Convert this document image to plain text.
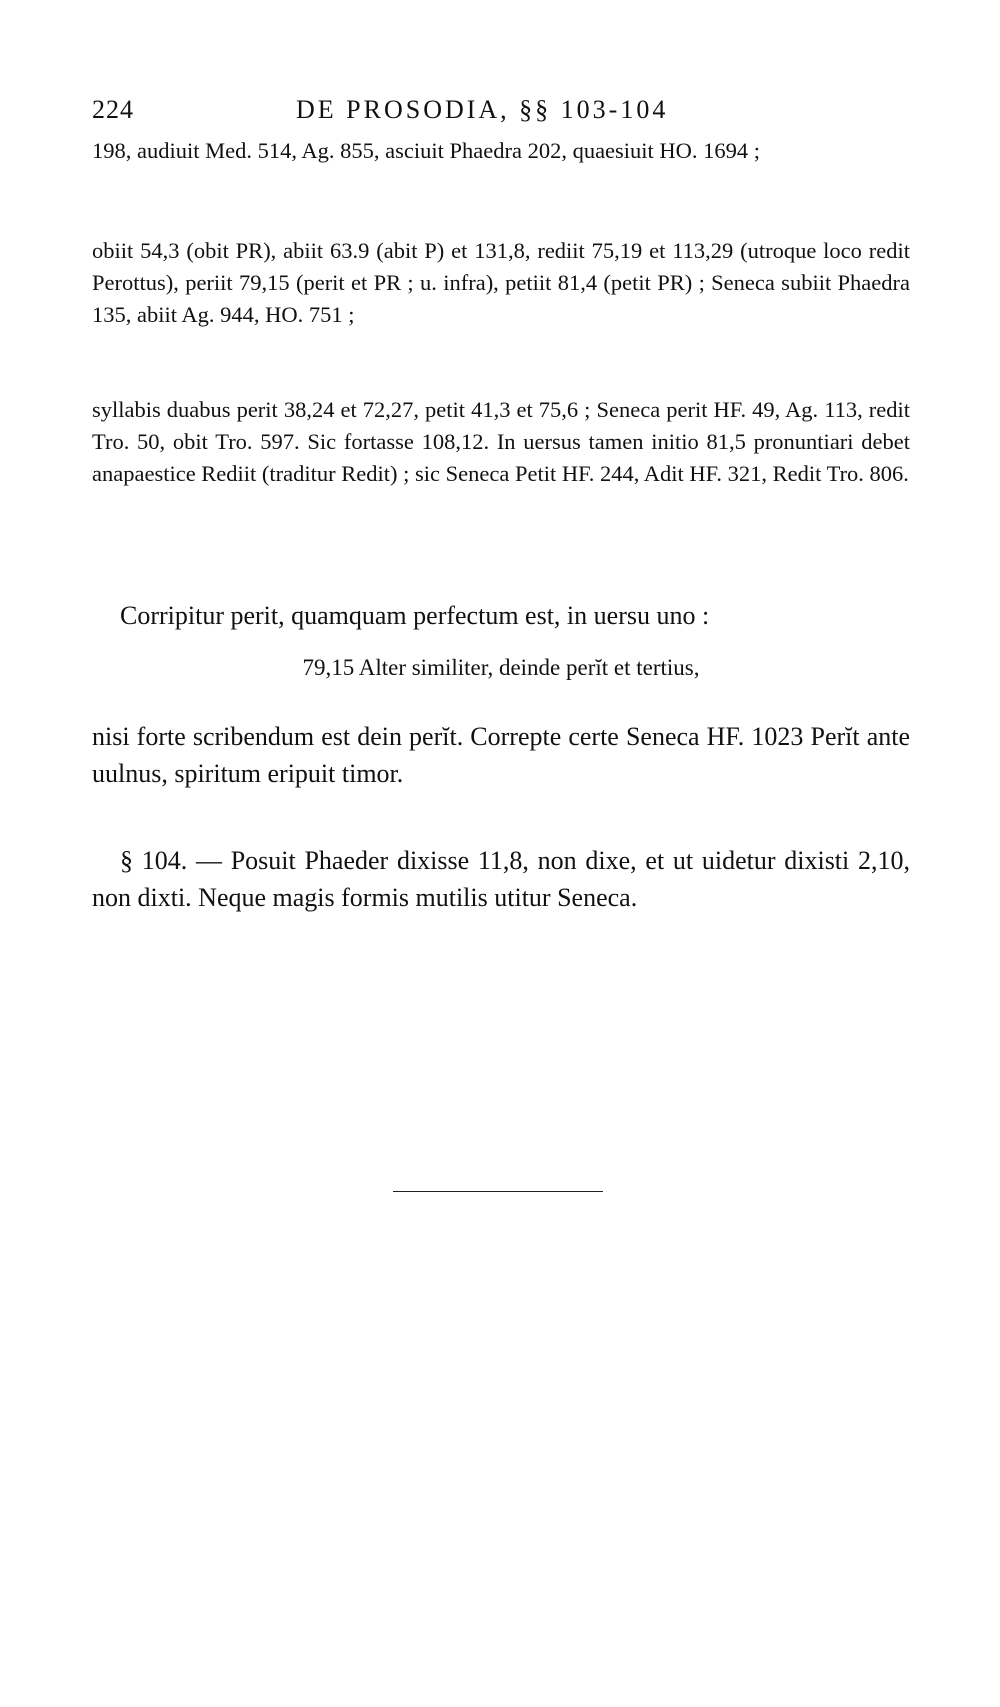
224	DE PROSODIA, §§ 103-104

198, audiuit Med. 514, Ag. 855, asciuit Phaedra 202, quaesiuit HO. 1694 ;

obiit 54,3 (obit PR), abiit 63.9 (abit P) et 131,8, rediit 75,19 et 113,29 (utroque loco redit Perottus), periit 79,15 (perit et PR ; u. infra), petiit 81,4 (petit PR) ; Seneca subiit Phaedra 135, abiit Ag. 944, HO. 751 ;

syllabis duabus perit 38,24 et 72,27, petit 41,3 et 75,6 ; Seneca perit HF. 49, Ag. 113, redit Tro. 50, obit Tro. 597. Sic fortasse 108,12. In uersus tamen initio 81,5 pronuntiari debet anapaestice Rediit (traditur Redit) ; sic Seneca Petit HF. 244, Adit HF. 321, Redit Tro. 806.

Corripitur perit, quamquam perfectum est, in uersu uno :

79,15 Alter similiter, deinde perĭt et tertius,

nisi forte scribendum est dein perĭt. Correpte certe Seneca HF. 1023 Perĭt ante uulnus, spiritum eripuit timor.

§ 104. — Posuit Phaeder dixisse 11,8, non dixe, et ut uidetur dixisti 2,10, non dixti. Neque magis formis mutilis utitur Seneca.
